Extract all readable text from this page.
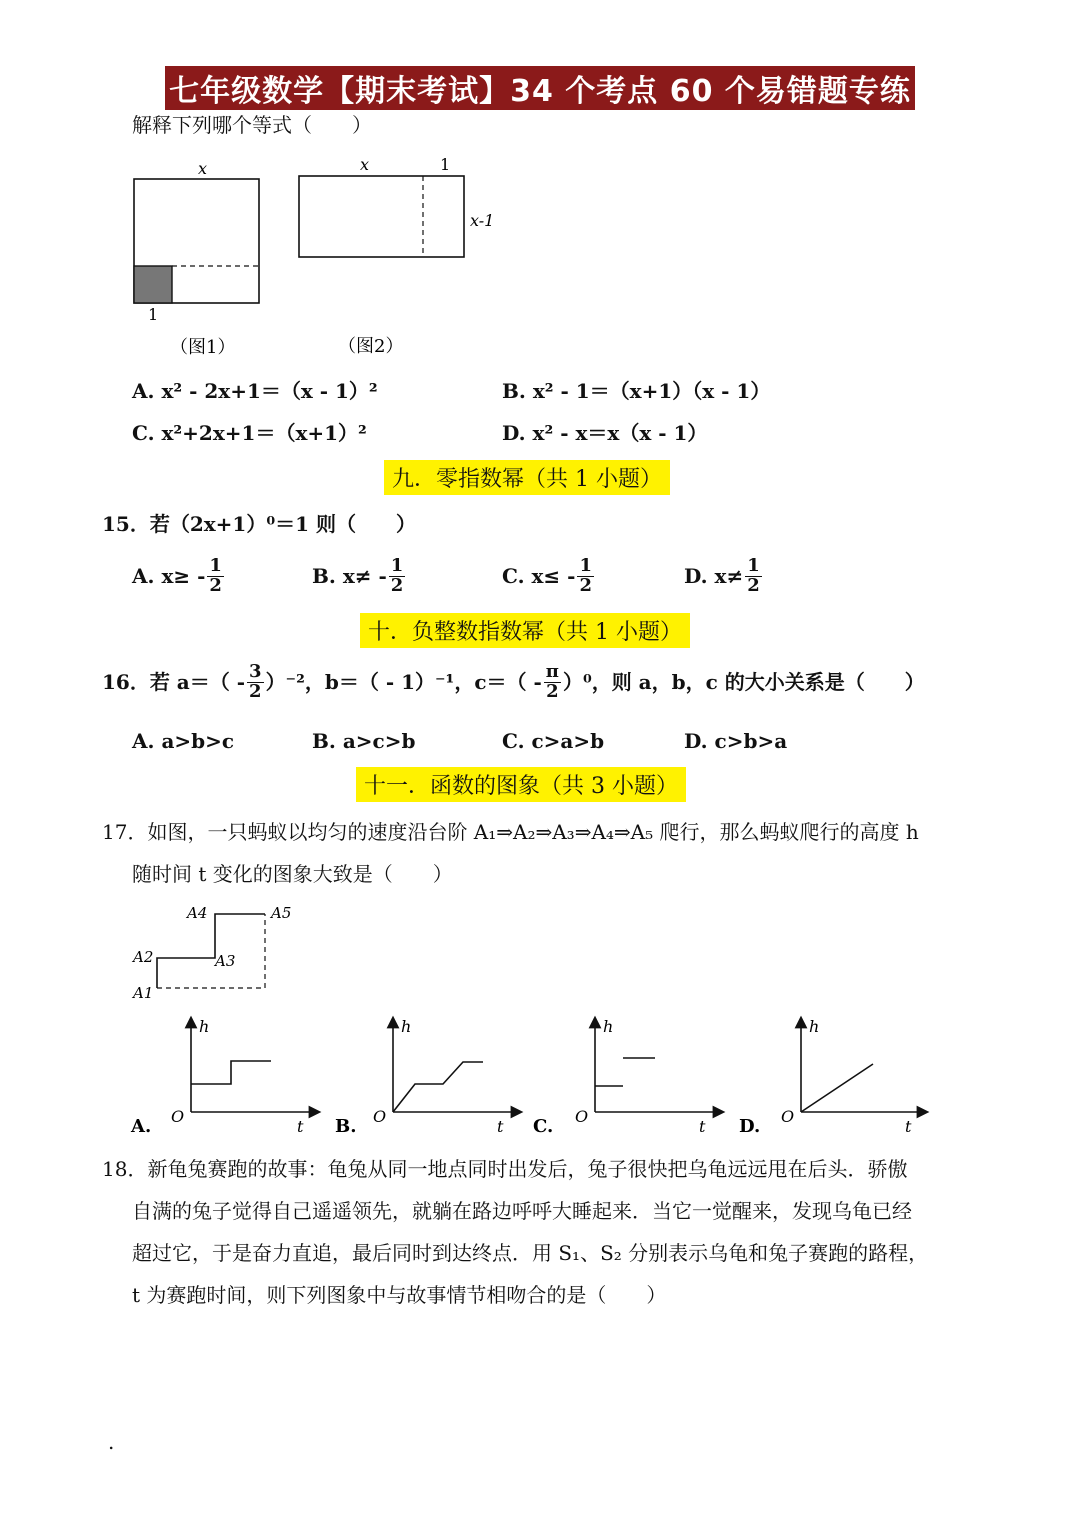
七年级数学【期末考试】34 个考点 60 个易错题专练
解释下列哪个等式（　　）
x
1
（图1）
x	1
x-1
（图2）
A. x² - 2x+1＝（x - 1）²	B. x² - 1＝（x+1）（x - 1）
C. x²+2x+1＝（x+1）²	D. x² - x＝x（x - 1）
九．零指数幂（共 1 小题）
15．若（2x+1）⁰＝1 则（　　）
A. $x\ge - \frac{1}{2}$	B. $x\ne - \frac{1}{2}$	C. $x\le - \frac{1}{2}$	D. $x\ne \frac{1}{2}$
十．负整数指数幂（共 1 小题）
16．若 $a=( - \frac{3}{2} )^{-2}$，b＝（ - 1）⁻¹，$c=( - \frac{\pi}{2} )^0$，则 a，b，c 的大小关系是（　　）
A. a>b>c	B. a>c>b	C. c>a>b	D. c>b>a
十一．函数的图象（共 3 小题）
17．如图，一只蚂蚁以均匀的速度沿台阶 A₁⇒A₂⇒A₃⇒A₄⇒A₅ 爬行，那么蚂蚁爬行的高度 h
随时间 t 变化的图象大致是（　　）
A1
A2	A3
A4	A5
h
O
t
A.
h
O
t
B.
h
O
t
C.
h
O
t
D.
18．新龟兔赛跑的故事：龟兔从同一地点同时出发后，兔子很快把乌龟远远甩在后头．骄傲
自满的兔子觉得自己遥遥领先，就躺在路边呼呼大睡起来．当它一觉醒来，发现乌龟已经
超过它，于是奋力直追，最后同时到达终点．用 S₁、S₂ 分别表示乌龟和兔子赛跑的路程，
t 为赛跑时间，则下列图象中与故事情节相吻合的是（　　）
.
